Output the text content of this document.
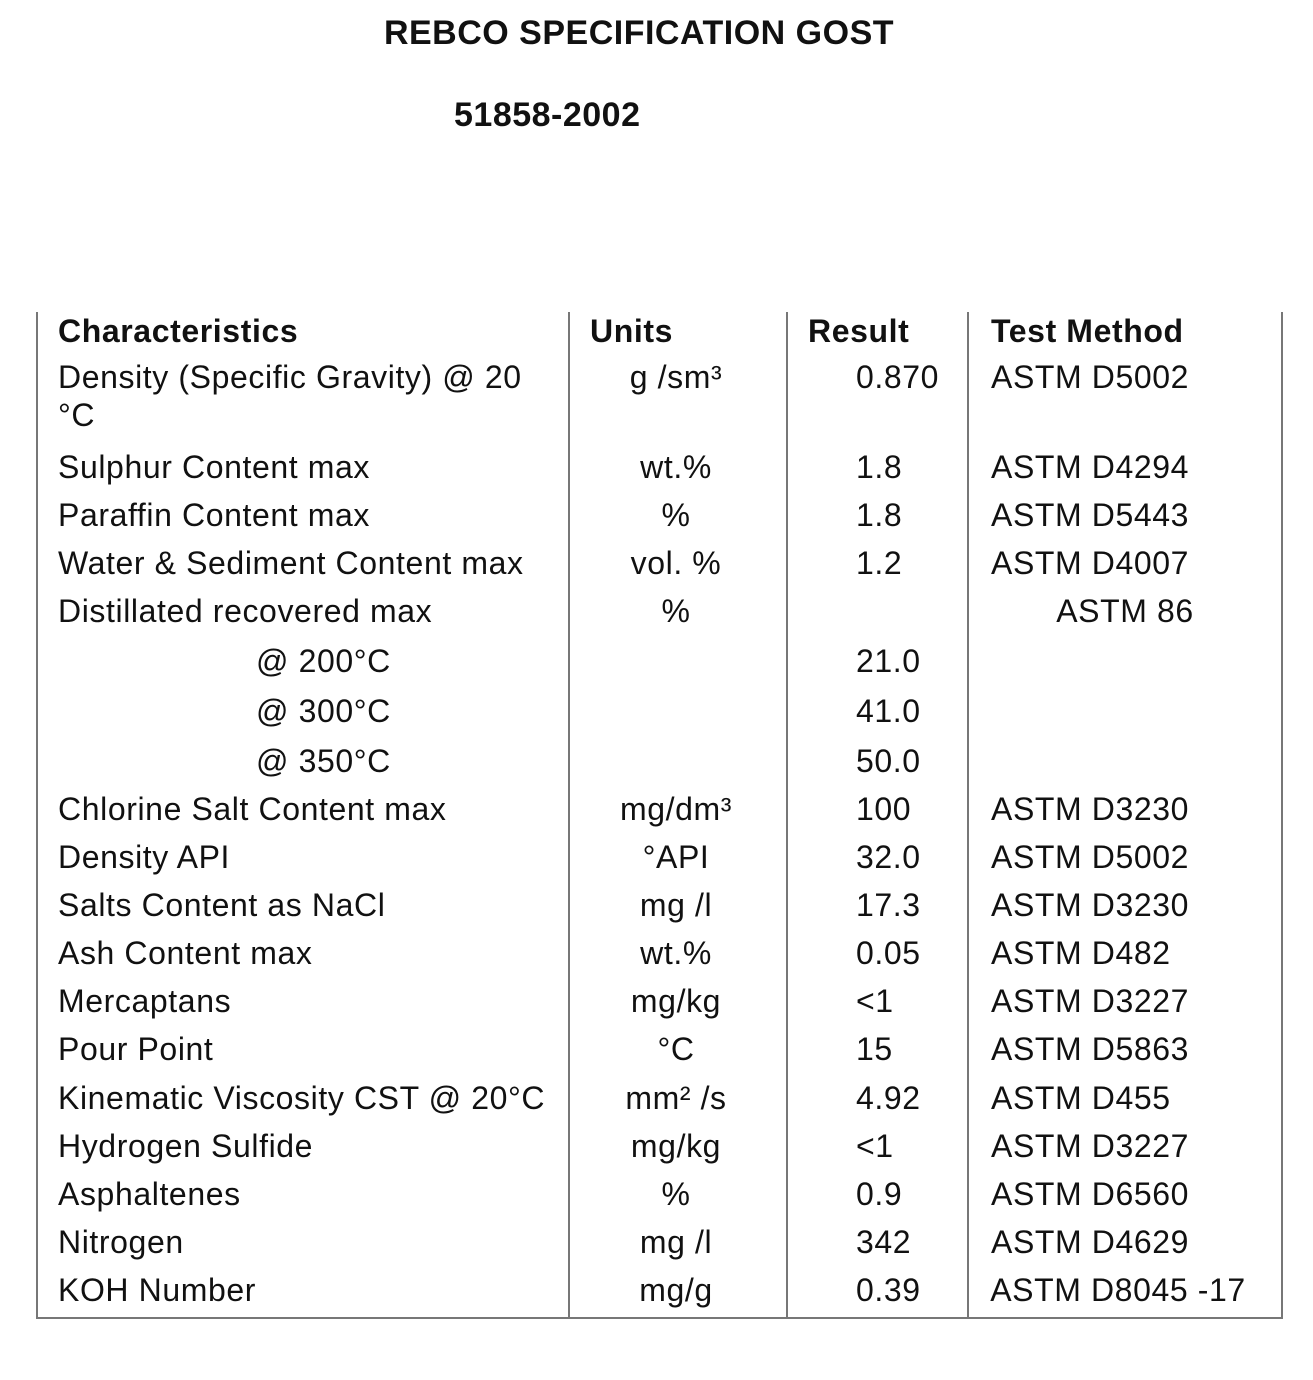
REBCO SPECIFICATION GOST
51858-2002
Characteristics	Units	Result	Test Method
Density (Specific Gravity) @ 20 °C	g /sm³	0.870	ASTM D5002
Sulphur Content max	wt.%	1.8	ASTM D4294
Paraffin Content max	%	1.8	ASTM D5443
Water & Sediment Content max	vol. %	1.2	ASTM D4007
Distillated recovered max	%		ASTM 86
@ 200°C		21.0	
@ 300°C		41.0	
@ 350°C		50.0	
Chlorine Salt Content max	mg/dm³	100	ASTM D3230
Density API	°API	32.0	ASTM D5002
Salts Content as NaCl	mg /l	17.3	ASTM D3230
Ash Content max	wt.%	0.05	ASTM D482
Mercaptans	mg/kg	<1	ASTM D3227
Pour Point	°C	15	ASTM D5863
Kinematic Viscosity CST @ 20°C	mm² /s	4.92	ASTM D455
Hydrogen Sulfide	mg/kg	<1	ASTM D3227
Asphaltenes	%	0.9	ASTM D6560
Nitrogen	mg /l	342	ASTM D4629
KOH Number	mg/g	0.39	ASTM D8045 -17
